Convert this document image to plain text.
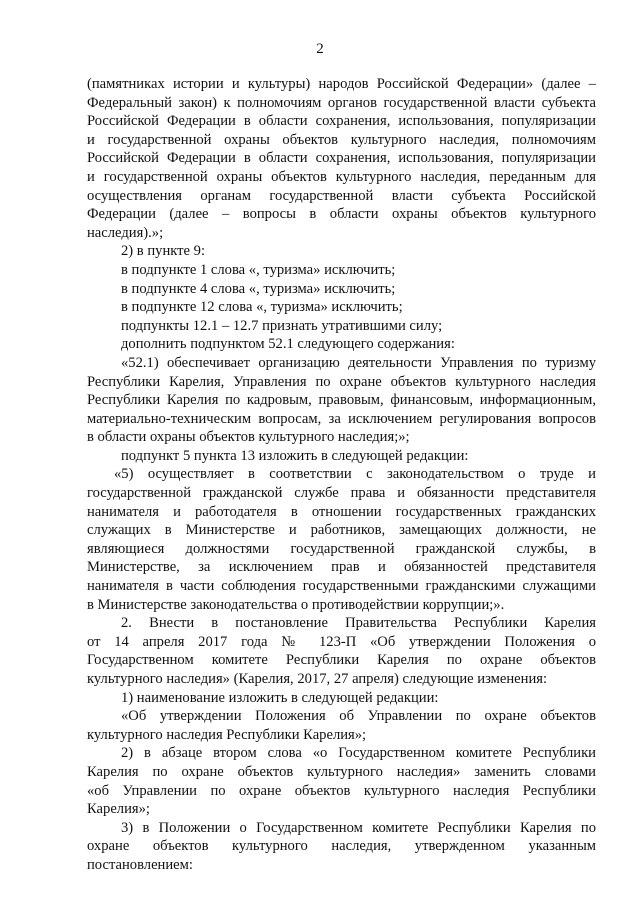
2
(памятниках истории и культуры) народов Российской Федерации» (далее –
Федеральный закон) к полномочиям органов государственной власти субъекта
Российской Федерации в области сохранения, использования, популяризации
и государственной охраны объектов культурного наследия, полномочиям
Российской Федерации в области сохранения, использования, популяризации
и государственной охраны объектов культурного наследия, переданным для
осуществления органам государственной власти субъекта Российской
Федерации (далее – вопросы в области охраны объектов культурного
наследия).»;
2) в пункте 9:
в подпункте 1 слова «, туризма» исключить;
в подпункте 4 слова «, туризма» исключить;
в подпункте 12 слова «, туризма» исключить;
подпункты 12.1 – 12.7 признать утратившими силу;
дополнить подпунктом 52.1 следующего содержания:
«52.1) обеспечивает организацию деятельности Управления по туризму
Республики Карелия, Управления по охране объектов культурного наследия
Республики Карелия по кадровым, правовым, финансовым, информационным,
материально-техническим вопросам, за исключением регулирования вопросов
в области охраны объектов культурного наследия;»;
подпункт 5 пункта 13 изложить в следующей редакции:
«5) осуществляет в соответствии с законодательством о труде и
государственной гражданской службе права и обязанности представителя
нанимателя и работодателя в отношении государственных гражданских
служащих в Министерстве и работников, замещающих должности, не
являющиеся должностями государственной гражданской службы, в
Министерстве, за исключением прав и обязанностей представителя
нанимателя в части соблюдения государственными гражданскими служащими
в Министерстве законодательства о противодействии коррупции;».
2. Внести в постановление Правительства Республики Карелия
от 14 апреля 2017 года № 123-П «Об утверждении Положения о
Государственном комитете Республики Карелия по охране объектов
культурного наследия» (Карелия, 2017, 27 апреля) следующие изменения:
1) наименование изложить в следующей редакции:
«Об утверждении Положения об Управлении по охране объектов
культурного наследия Республики Карелия»;
2) в абзаце втором слова «о Государственном комитете Республики
Карелия по охране объектов культурного наследия» заменить словами
«об Управлении по охране объектов культурного наследия Республики
Карелия»;
3) в Положении о Государственном комитете Республики Карелия по
охране объектов культурного наследия, утвержденном указанным
постановлением:
